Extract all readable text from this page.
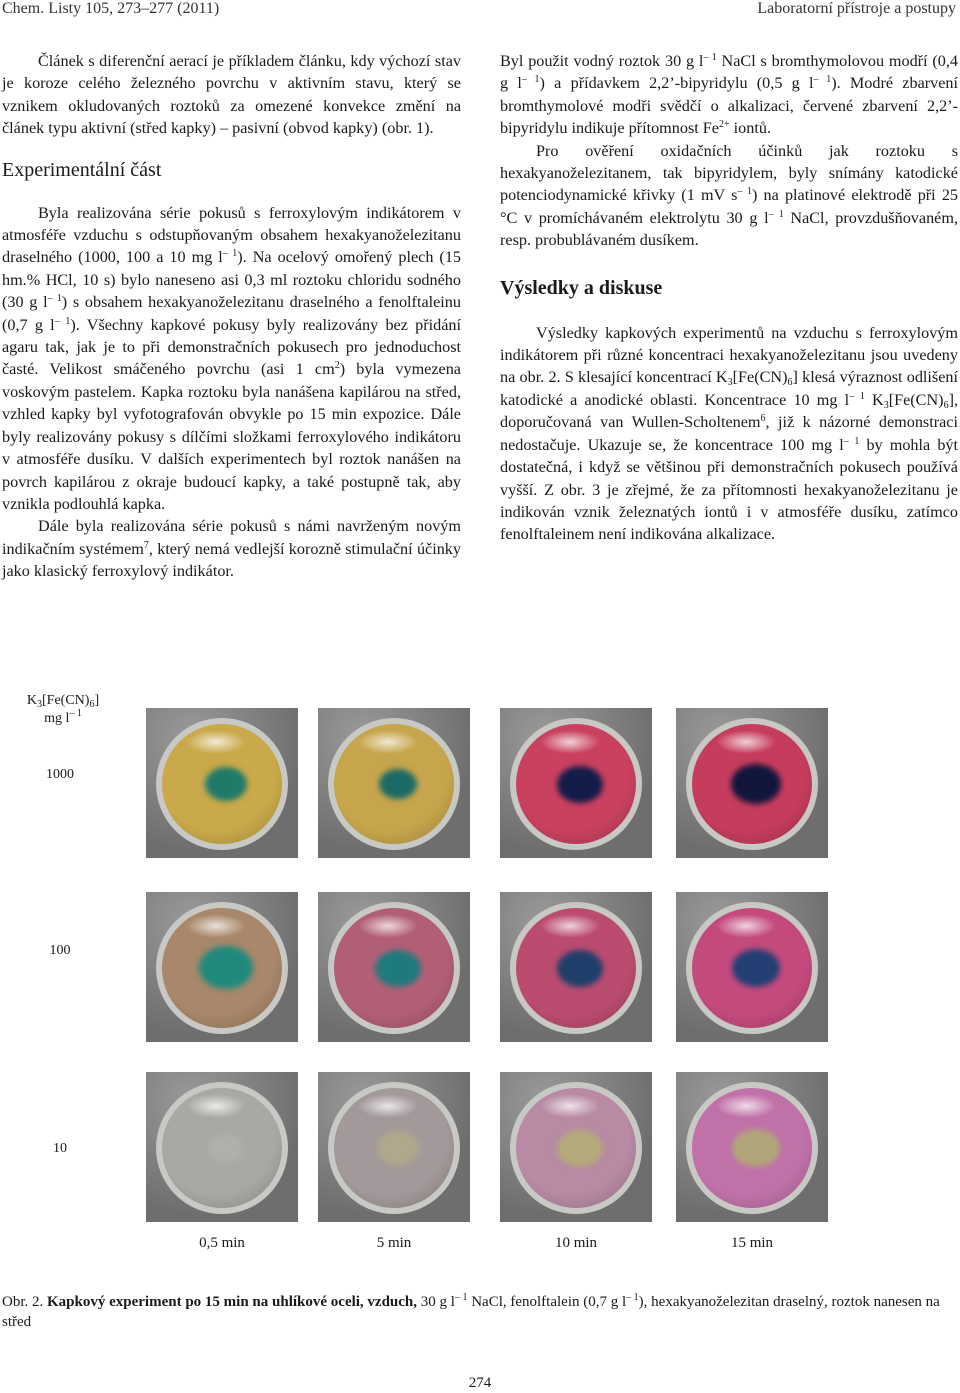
Chem. Listy 105, 273–277 (2011)	Laboratorní přístroje a postupy

Článek s diferenční aerací je příkladem článku, kdy výchozí stav je koroze celého železného povrchu v aktivním stavu, který se vznikem okludovaných roztoků za omezené konvekce změní na článek typu aktivní (střed kapky) – pasivní (obvod kapky) (obr. 1).

Experimentální část

Byla realizována série pokusů s ferroxylovým indikátorem v atmosféře vzduchu s odstupňovaným obsahem hexakyanoželezitanu draselného (1000, 100 a 10 mg $l^{- 1}$). Na ocelový omořený plech (15 hm.% HCl, 10 s) bylo naneseno asi 0,3 ml roztoku chloridu sodného (30 g $l^{- 1}$) s obsahem hexakyanoželezitanu draselného a fenolftaleinu (0,7 g $l^{- 1}$). Všechny kapkové pokusy byly realizovány bez přidání agaru tak, jak je to při demonstračních pokusech pro jednoduchost časté. Velikost smáčeného povrchu (asi 1 $cm^2$) byla vymezena voskovým pastelem. Kapka roztoku byla nanášena kapilárou na střed, vzhled kapky byl vyfotografován obvykle po 15 min expozice. Dále byly realizovány pokusy s dílčími složkami ferroxylového indikátoru v atmosféře dusíku. V dalších experimentech byl roztok nanášen na povrch kapilárou z okraje budoucí kapky, a také postupně tak, aby vznikla podlouhlá kapka.

Dále byla realizována série pokusů s námi navrženým novým indikačním systémem$^7$, který nemá vedlejší korozně stimulační účinky jako klasický ferroxylový indikátor.

Byl použit vodný roztok 30 g $l^{- 1}$ NaCl s bromthymolovou modří (0,4 g $l^{- 1}$) a přídavkem 2,2’-bipyridylu (0,5 g $l^{- 1}$). Modré zbarvení bromthymolové modři svědčí o alkalizaci, červené zbarvení 2,2’-bipyridylu indikuje přítomnost $Fe^{2+}$ iontů.

Pro ověření oxidačních účinků jak roztoku s hexakyanoželezitanem, tak bipyridylem, byly snímány katodické potenciodynamické křivky (1 mV $s^{- 1}$) na platinové elektrodě při 25 °C v promíchávaném elektrolytu 30 g $l^{- 1}$ NaCl, provzdušňovaném, resp. probublávaném dusíkem.

Výsledky a diskuse

Výsledky kapkových experimentů na vzduchu s ferroxylovým indikátorem při různé koncentraci hexakyanoželezitanu jsou uvedeny na obr. 2. S klesající koncentrací $K_3[Fe(CN)_6]$ klesá výraznost odlišení katodické a anodické oblasti. Koncentrace 10 mg $l^{- 1}$ $K_3[Fe(CN)_6]$, doporučovaná van Wullen-Scholtenem$^6$, již k názorné demonstraci nedostačuje. Ukazuje se, že koncentrace 100 mg $l^{- 1}$ by mohla být dostatečná, i když se většinou při demonstračních pokusech používá vyšší. Z obr. 3 je zřejmé, že za přítomnosti hexakyanoželezitanu je indikován vznik železnatých iontů i v atmosféře dusíku, zatímco fenolftaleinem není indikována alkalizace.

$K_3[Fe(CN)_6]$
mg $l^{- 1}$
1000
100
10
0,5 min	5 min	10 min	15 min
Obr. 2. Kapkový experiment po 15 min na uhlíkové oceli, vzduch, 30 g $l^{- 1}$ NaCl, fenolftalein (0,7 g $l^{- 1}$), hexakyanoželezitan draselný, roztok nanesen na střed
274
